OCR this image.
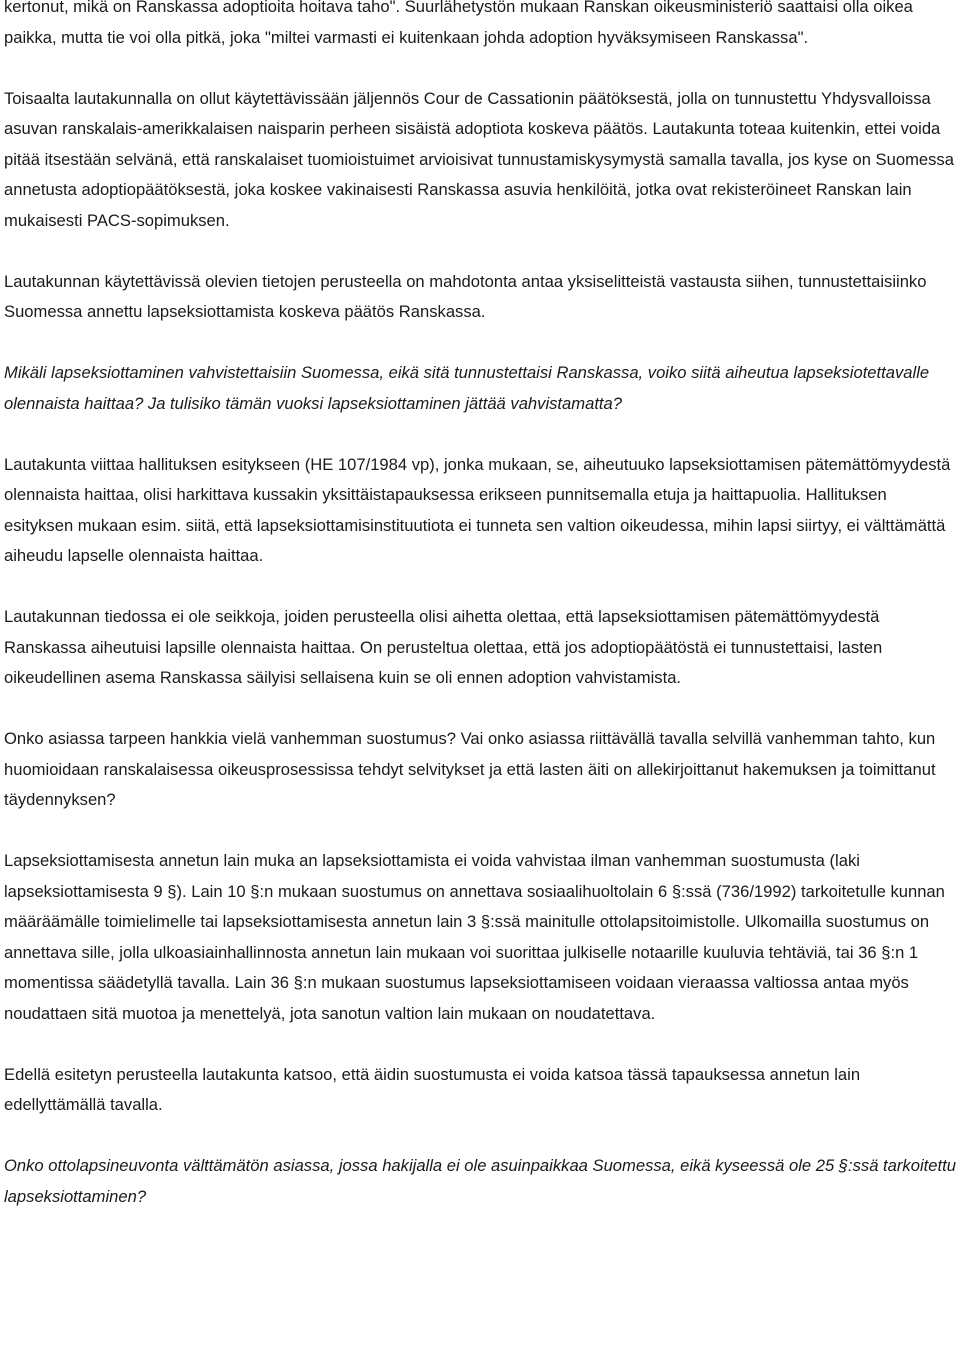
kertonut, mikä on Ranskassa adoptioita hoitava taho". Suurlähetystön mukaan Ranskan oikeusministeriö saattaisi olla oikea paikka, mutta tie voi olla pitkä, joka "miltei varmasti ei kuitenkaan johda adoption hyväksymiseen Ranskassa".

Toisaalta lautakunnalla on ollut käytettävissään jäljennös Cour de Cassationin päätöksestä, jolla on tunnustettu Yhdysvalloissa asuvan ranskalais-amerikkalaisen naisparin perheen sisäistä adoptiota koskeva päätös. Lautakunta toteaa kuitenkin, ettei voida pitää itsestään selvänä, että ranskalaiset tuomioistuimet arvioisivat tunnustamiskysymystä samalla tavalla, jos kyse on Suomessa annetusta adoptiopäätöksestä, joka koskee vakinaisesti Ranskassa asuvia henkilöitä, jotka ovat rekisteröineet Ranskan lain mukaisesti PACS-sopimuksen.

Lautakunnan käytettävissä olevien tietojen perusteella on mahdotonta antaa yksiselitteistä vastausta siihen, tunnustettaisiinko Suomessa annettu lapseksiottamista koskeva päätös Ranskassa.

Mikäli lapseksiottaminen vahvistettaisiin Suomessa, eikä sitä tunnustettaisi Ranskassa, voiko siitä aiheutua lapseksiotettavalle olennaista haittaa? Ja tulisiko tämän vuoksi lapseksiottaminen jättää vahvistamatta?

Lautakunta viittaa hallituksen esitykseen (HE 107/1984 vp), jonka mukaan, se, aiheutuuko lapseksiottamisen pätemättömyydestä olennaista haittaa, olisi harkittava kussakin yksittäistapauksessa erikseen punnitsemalla etuja ja haittapuolia. Hallituksen esityksen mukaan esim. siitä, että lapseksiottamisinstituutiota ei tunneta sen valtion oikeudessa, mihin lapsi siirtyy, ei välttämättä aiheudu lapselle olennaista haittaa.

Lautakunnan tiedossa ei ole seikkoja, joiden perusteella olisi aihetta olettaa, että lapseksiottamisen pätemättömyydestä Ranskassa aiheutuisi lapsille olennaista haittaa. On perusteltua olettaa, että jos adoptiopäätöstä ei tunnustettaisi, lasten oikeudellinen asema Ranskassa säilyisi sellaisena kuin se oli ennen adoption vahvistamista.

Onko asiassa tarpeen hankkia vielä vanhemman suostumus? Vai onko asiassa riittävällä tavalla selvillä vanhemman tahto, kun huomioidaan ranskalaisessa oikeusprosessissa tehdyt selvitykset ja että lasten äiti on allekirjoittanut hakemuksen ja toimittanut täydennyksen?

Lapseksiottamisesta annetun lain muka an lapseksiottamista ei voida vahvistaa ilman vanhemman suostumusta (laki lapseksiottamisesta 9 §). Lain 10 §:n mukaan suostumus on annettava sosiaalihuoltolain 6 §:ssä (736/1992) tarkoitetulle kunnan määräämälle toimielimelle tai lapseksiottamisesta annetun lain 3 §:ssä mainitulle ottolapsitoimistolle. Ulkomailla suostumus on annettava sille, jolla ulkoasiainhallinnosta annetun lain mukaan voi suorittaa julkiselle notaarille kuuluvia tehtäviä, tai 36 §:n 1 momentissa säädetyllä tavalla. Lain 36 §:n mukaan suostumus lapseksiottamiseen voidaan vieraassa valtiossa antaa myös noudattaen sitä muotoa ja menettelyä, jota sanotun valtion lain mukaan on noudatettava.

Edellä esitetyn perusteella lautakunta katsoo, että äidin suostumusta ei voida katsoa tässä tapauksessa annetun lain edellyttämällä tavalla.

Onko ottolapsineuvonta välttämätön asiassa, jossa hakijalla ei ole asuinpaikkaa Suomessa, eikä kyseessä ole 25 §:ssä tarkoitettu lapseksiottaminen?
